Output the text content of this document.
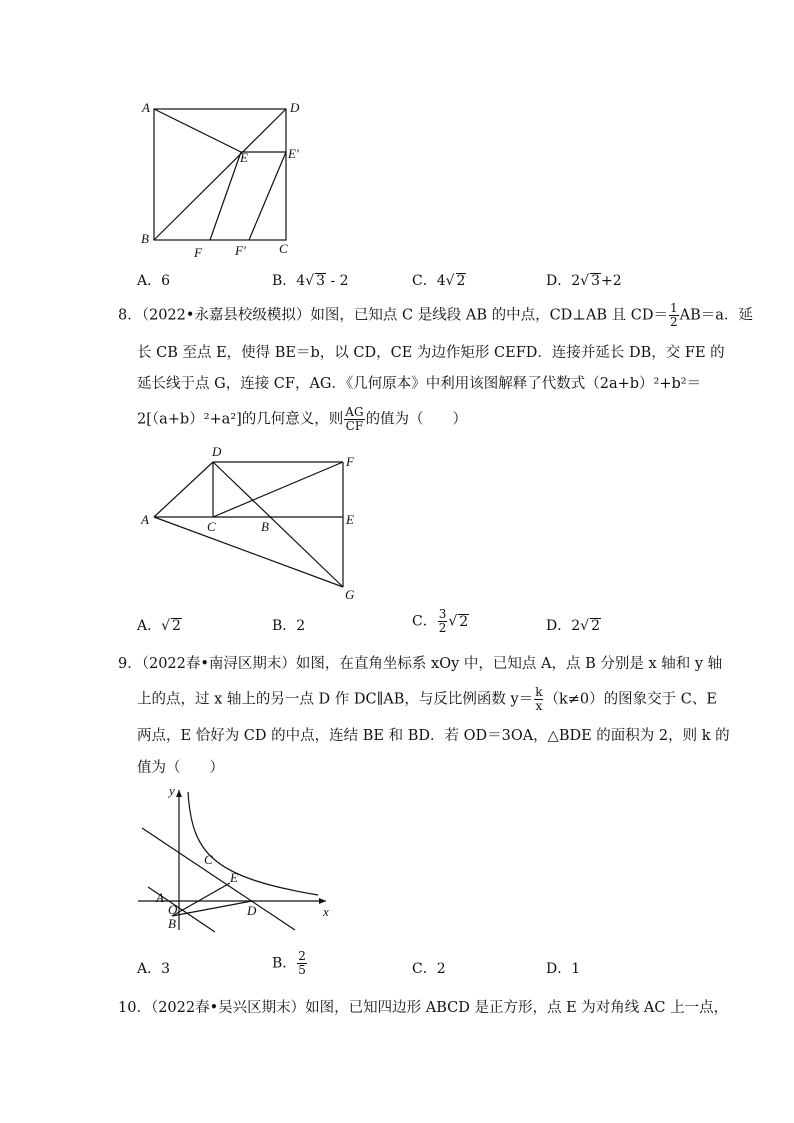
A	D
E	E′
B
F	F′	C
A．6	B．4√ 3 - 2	C．4√ 2	D．2√ 3+2
8．（2022•永嘉县校级模拟）如图，已知点 C 是线段 AB 的中点，CD⊥AB 且 $CD= \frac{1}{2} AB=a$．延
长 CB 至点 E，使得 BE＝b，以 CD，CE 为边作矩形 CEFD．连接并延长 DB，交 FE 的
延长线于点 G，连接 CF，AG．《几何原本》中利用该图解释了代数式（2a+b）²+b²＝
2[（a+b）²+a²]的几何意义，则 $\frac{AG}{CF}$ 的值为（　　）
D
F
A	C	B	E
G
A．√ 2	B．2	C． $\frac{3}{2}$ √ 2	D．2√ 2
9．（2022春•南浔区期末）如图，在直角坐标系 xOy 中，已知点 A，点 B 分别是 x 轴和 y 轴
上的点，过 x 轴上的另一点 D 作 DC∥AB，与反比例函数 $y= \frac{k}{x} (k\ne 0)$的图象交于 C、E
两点，E 恰好为 CD 的中点，连结 BE 和 BD．若 OD＝3OA，△BDE 的面积为 2，则 k 的
值为（　　）
y
x
C
E
A
O
B
D
A．3	B． $\frac{2}{5}$	C．2	D．1
10．（2022春•吴兴区期末）如图，已知四边形 ABCD 是正方形，点 E 为对角线 AC 上一点，
